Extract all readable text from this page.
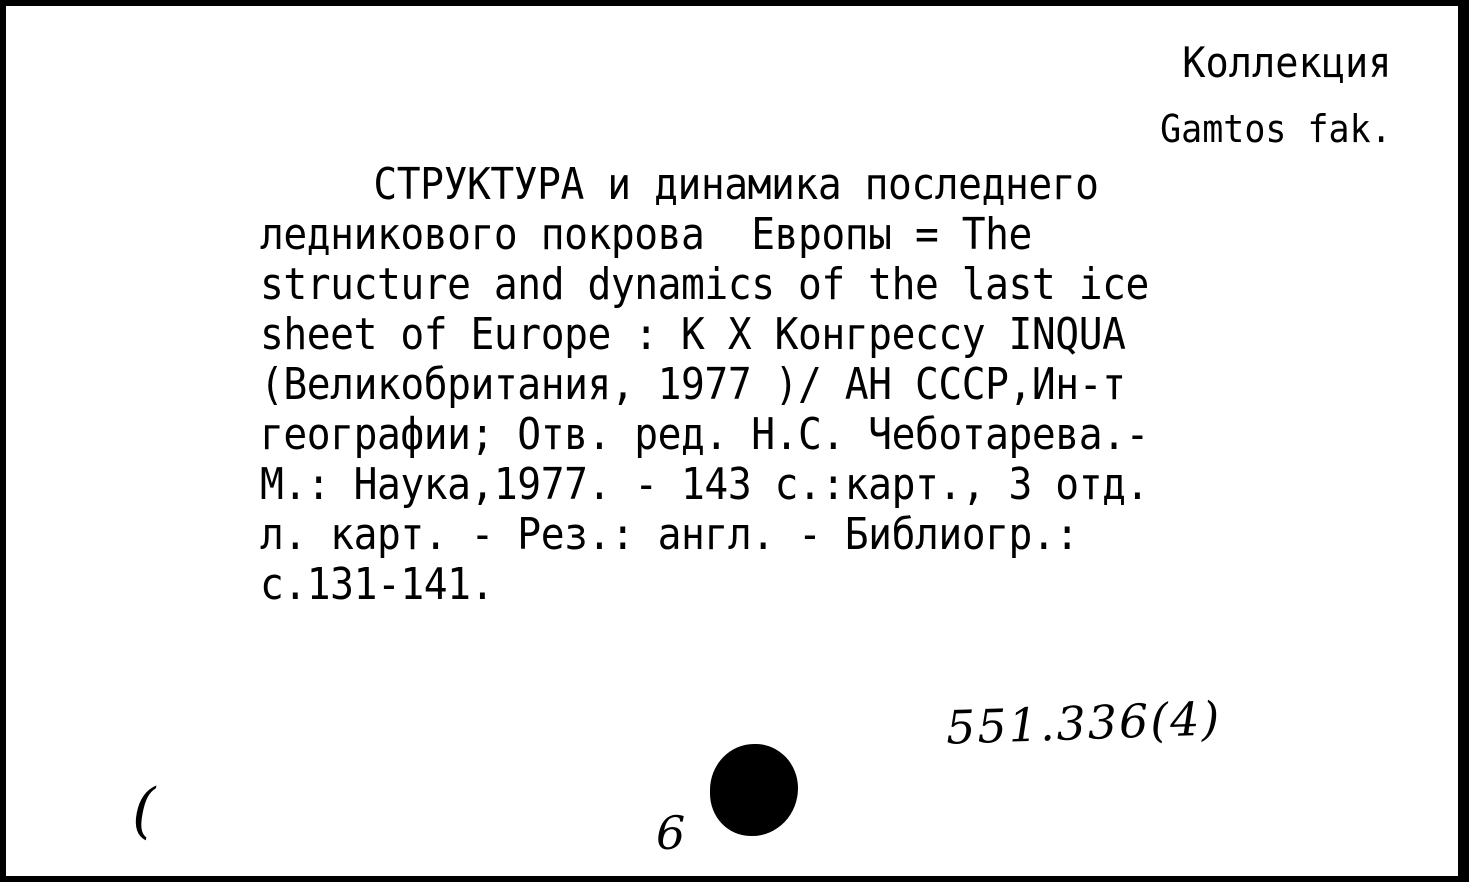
Коллекция
Gamtos fak.
СТРУКТУРА и динамика последнего
ледникового покрова  Европы = The
structure and dynamics of the last ice
sheet of Europe : К X Конгрессу INQUA
(Великобритания, 1977 )/ АН СССР,Ин-т
географии; Отв. ред. Н.С. Чеботарева.-
М.: Наука,1977. - 143 с.:карт., 3 отд.
л. карт. - Рез.: англ. - Библиогр.:
с.131-141.
551.336(4)
(	6
